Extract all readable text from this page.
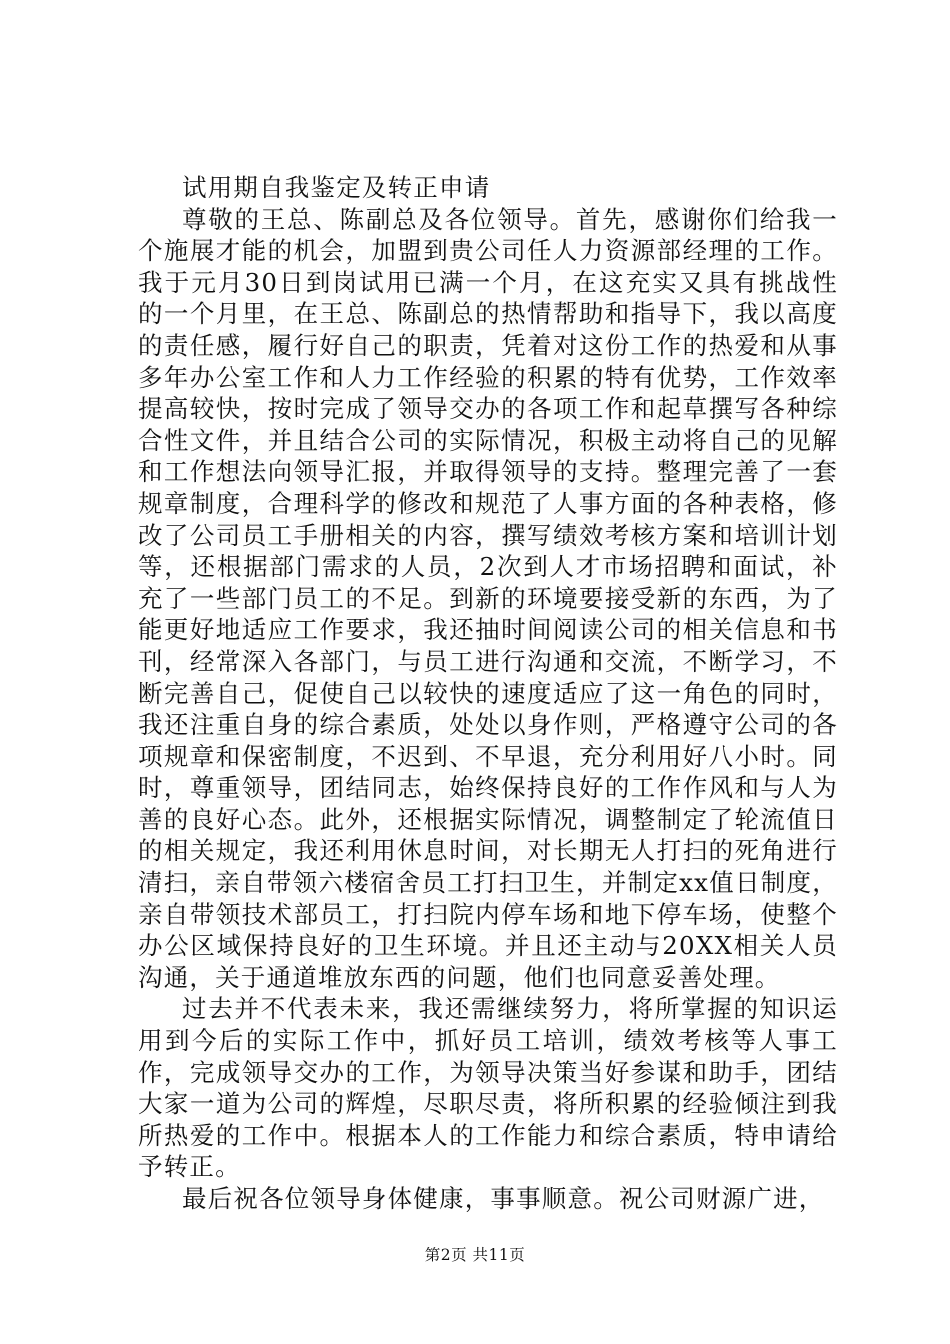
试用期自我鉴定及转正申请

尊敬的王总、陈副总及各位领导。首先，感谢你们给我一个施展才能的机会，加盟到贵公司任人力资源部经理的工作。我于元月30日到岗试用已满一个月，在这充实又具有挑战性的一个月里，在王总、陈副总的热情帮助和指导下，我以高度的责任感，履行好自己的职责，凭着对这份工作的热爱和从事多年办公室工作和人力工作经验的积累的特有优势，工作效率提高较快，按时完成了领导交办的各项工作和起草撰写各种综合性文件，并且结合公司的实际情况，积极主动将自己的见解和工作想法向领导汇报，并取得领导的支持。整理完善了一套规章制度，合理科学的修改和规范了人事方面的各种表格，修改了公司员工手册相关的内容，撰写绩效考核方案和培训计划等，还根据部门需求的人员，2次到人才市场招聘和面试，补充了一些部门员工的不足。到新的环境要接受新的东西，为了能更好地适应工作要求，我还抽时间阅读公司的相关信息和书刊，经常深入各部门，与员工进行沟通和交流，不断学习，不断完善自己，促使自己以较快的速度适应了这一角色的同时，我还注重自身的综合素质，处处以身作则，严格遵守公司的各项规章和保密制度，不迟到、不早退，充分利用好八小时。同时，尊重领导，团结同志，始终保持良好的工作作风和与人为善的良好心态。此外，还根据实际情况，调整制定了轮流值日的相关规定，我还利用休息时间，对长期无人打扫的死角进行清扫，亲自带领六楼宿舍员工打扫卫生，并制定xx值日制度，亲自带领技术部员工，打扫院内停车场和地下停车场，使整个办公区域保持良好的卫生环境。并且还主动与20XX相关人员沟通，关于通道堆放东西的问题，他们也同意妥善处理。

过去并不代表未来，我还需继续努力，将所掌握的知识运用到今后的实际工作中，抓好员工培训，绩效考核等人事工作，完成领导交办的工作，为领导决策当好参谋和助手，团结大家一道为公司的辉煌，尽职尽责，将所积累的经验倾注到我所热爱的工作中。根据本人的工作能力和综合素质，特申请给予转正。

最后祝各位领导身体健康，事事顺意。祝公司财源广进，

第2页 共11页
